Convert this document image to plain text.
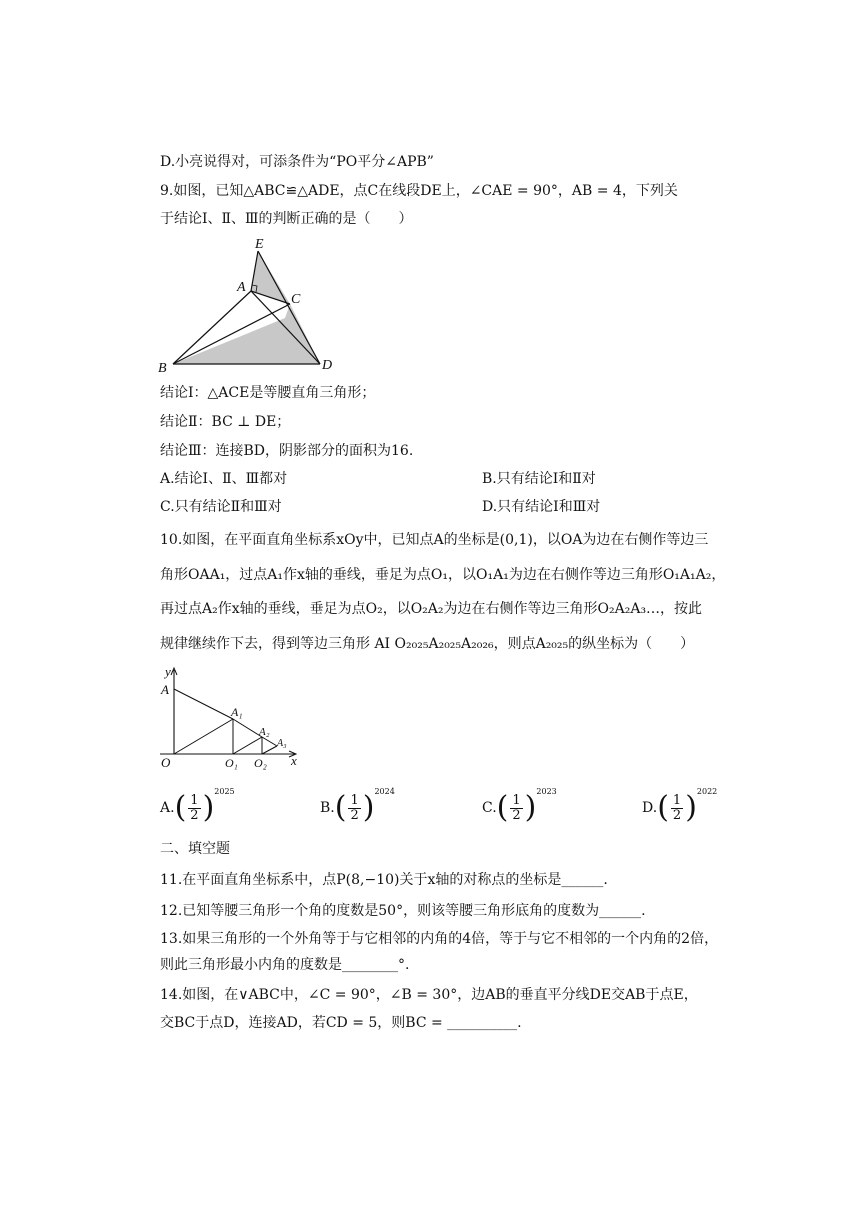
D.小亮说得对，可添条件为“PO平分∠APB”
9.如图，已知△ABC≌△ADE，点C在线段DE上，∠CAE = 90°，AB = 4，下列关
于结论Ⅰ、Ⅱ、Ⅲ的判断正确的是（　　）
E
A
C
B	D
结论Ⅰ：△ACE是等腰直角三角形；
结论Ⅱ：BC ⊥ DE；
结论Ⅲ：连接BD，阴影部分的面积为16.
A.结论Ⅰ、Ⅱ、Ⅲ都对	B.只有结论Ⅰ和Ⅱ对
C.只有结论Ⅱ和Ⅲ对	D.只有结论Ⅰ和Ⅲ对
10.如图，在平面直角坐标系xOy中，已知点A的坐标是(0,1)，以OA为边在右侧作等边三
角形OAA₁，过点A₁作x轴的垂线，垂足为点O₁，以O₁A₁为边在右侧作等边三角形O₁A₁A₂，
再过点A₂作x轴的垂线，垂足为点O₂，以O₂A₂为边在右侧作等边三角形O₂A₂A₃…，按此
规律继续作下去，得到等边三角形 AI O₂₀₂₅A₂₀₂₅A₂₀₂₆，则点A₂₀₂₅的纵坐标为（　　）
y
A
A₁
A₂
A₃
O	O₁ O₂ x
A. ( $\frac{1}{2}$ ) 2025
B. ( $\frac{1}{2}$ ) 2024
C. ( $\frac{1}{2}$ ) 2023
D. ( $\frac{1}{2}$ ) 2022
二、填空题
11.在平面直角坐标系中，点P(8,−10)关于x轴的对称点的坐标是______.
12.已知等腰三角形一个角的度数是50°，则该等腰三角形底角的度数为______.
13.如果三角形的一个外角等于与它相邻的内角的4倍，等于与它不相邻的一个内角的2倍，
则此三角形最小内角的度数是________°.
14.如图，在∨ABC中，∠C = 90°，∠B = 30°，边AB的垂直平分线DE交AB于点E，
交BC于点D，连接AD，若CD = 5，则BC = __________.
